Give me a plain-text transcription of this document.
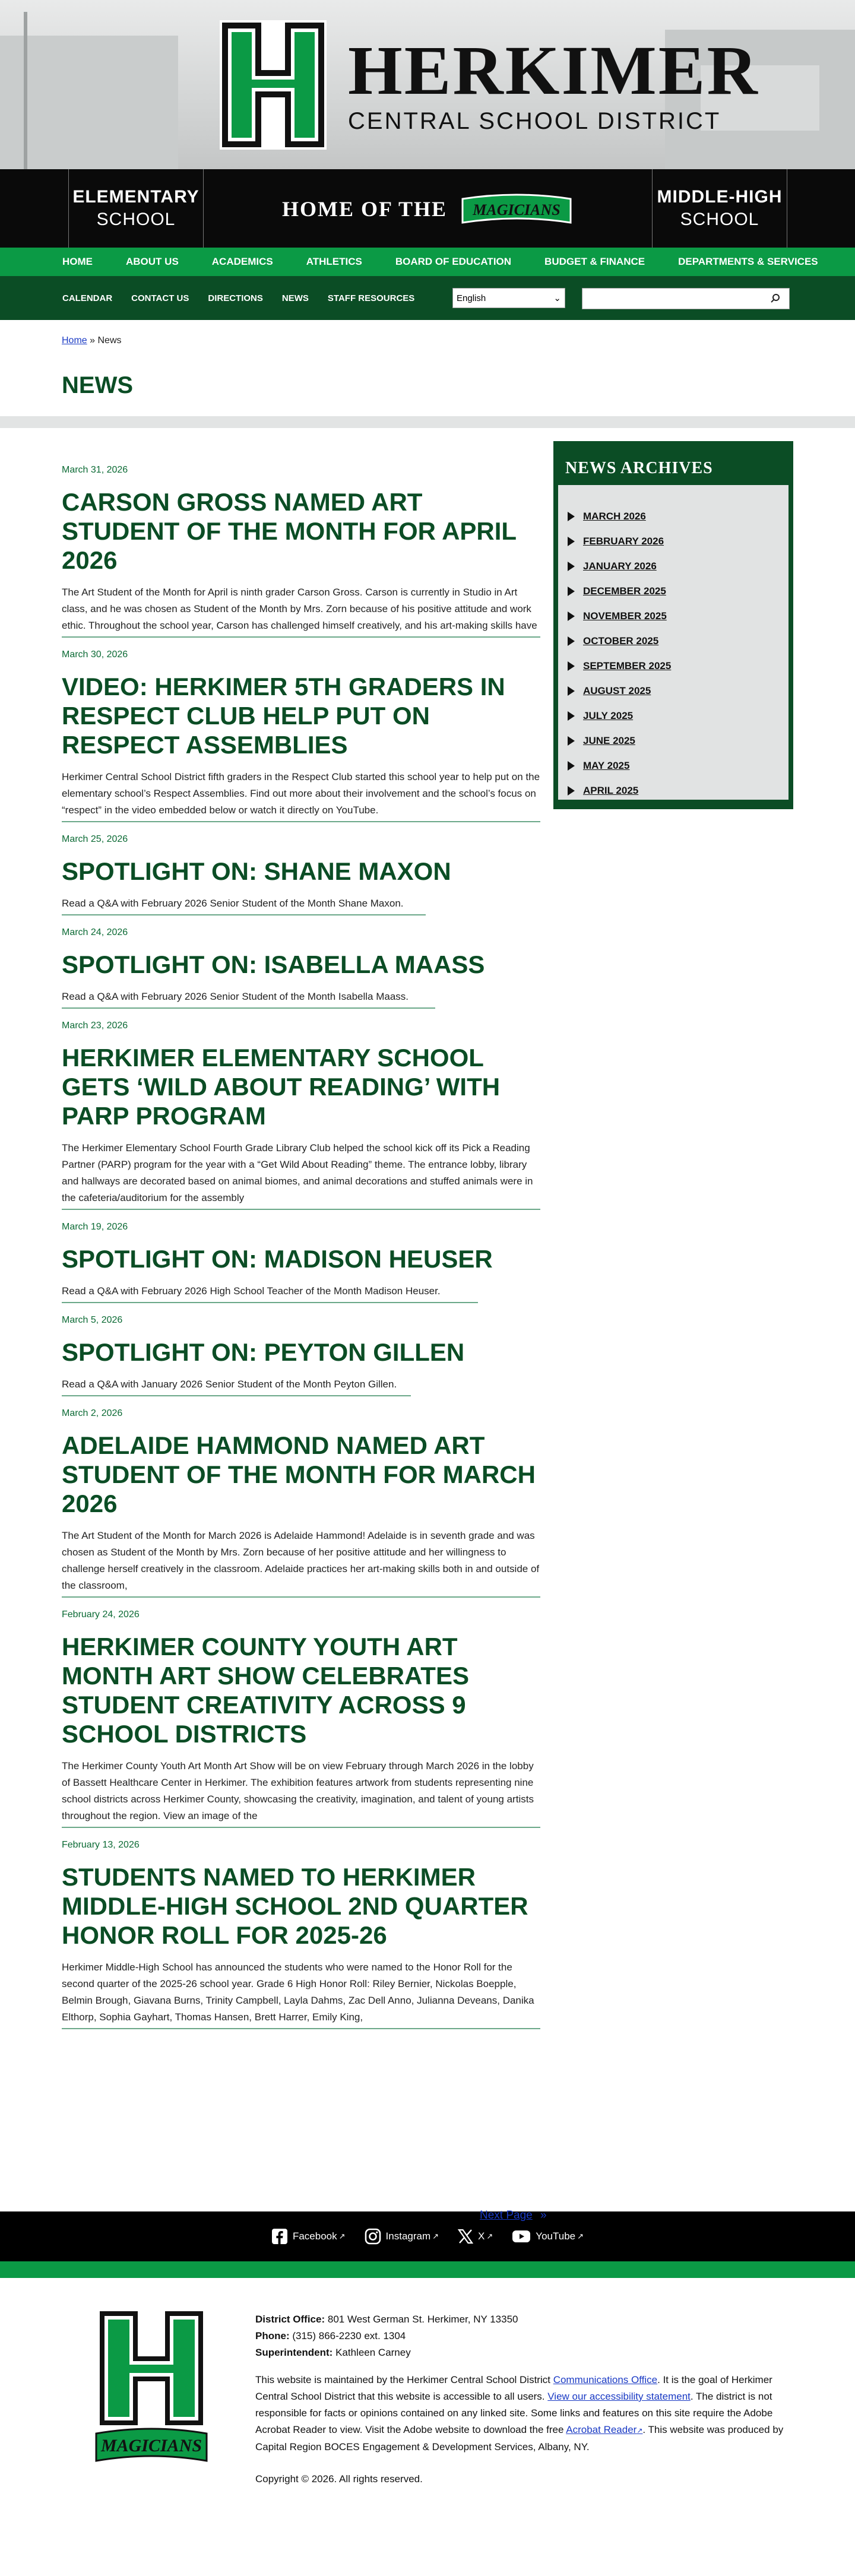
HERKIMER
CENTRAL SCHOOL DISTRICT
ELEMENTARY
SCHOOL	HOME OF THE MAGICIANS
MIDDLE-HIGH
SCHOOL
HOME	ABOUT US	ACADEMICS	ATHLETICS	BOARD OF EDUCATION	BUDGET & FINANCE	DEPARTMENTS & SERVICES
CALENDAR CONTACT US DIRECTIONS NEWS STAFF RESOURCES	English	⌄
Home » News
NEWS
March 31, 2026
CARSON GROSS NAMED ART STUDENT OF THE MONTH FOR APRIL 2026

The Art Student of the Month for April is ninth grader Carson Gross. Carson is currently in Studio in Art class, and he was chosen as Student of the Month by Mrs. Zorn because of his positive attitude and work ethic. Throughout the school year, Carson has challenged himself creatively, and his art-making skills have

March 30, 2026
VIDEO: HERKIMER 5TH GRADERS IN RESPECT CLUB HELP PUT ON RESPECT ASSEMBLIES

Herkimer Central School District fifth graders in the Respect Club started this school year to help put on the elementary school’s Respect Assemblies. Find out more about their involvement and the school’s focus on “respect” in the video embedded below or watch it directly on YouTube.

March 25, 2026
SPOTLIGHT ON: SHANE MAXON

Read a Q&A with February 2026 Senior Student of the Month Shane Maxon.

March 24, 2026
SPOTLIGHT ON: ISABELLA MAASS

Read a Q&A with February 2026 Senior Student of the Month Isabella Maass.

March 23, 2026
HERKIMER ELEMENTARY SCHOOL GETS ‘WILD ABOUT READING’ WITH PARP PROGRAM

The Herkimer Elementary School Fourth Grade Library Club helped the school kick off its Pick a Reading Partner (PARP) program for the year with a “Get Wild About Reading” theme. The entrance lobby, library and hallways are decorated based on animal biomes, and animal decorations and stuffed animals were in the cafeteria/auditorium for the assembly

March 19, 2026
SPOTLIGHT ON: MADISON HEUSER

Read a Q&A with February 2026 High School Teacher of the Month Madison Heuser.

March 5, 2026
SPOTLIGHT ON: PEYTON GILLEN

Read a Q&A with January 2026 Senior Student of the Month Peyton Gillen.

March 2, 2026
ADELAIDE HAMMOND NAMED ART STUDENT OF THE MONTH FOR MARCH 2026

The Art Student of the Month for March 2026 is Adelaide Hammond! Adelaide is in seventh grade and was chosen as Student of the Month by Mrs. Zorn because of her positive attitude and her willingness to challenge herself creatively in the classroom. Adelaide practices her art-making skills both in and outside of the classroom,

February 24, 2026
HERKIMER COUNTY YOUTH ART MONTH ART SHOW CELEBRATES STUDENT CREATIVITY ACROSS 9 SCHOOL DISTRICTS

The Herkimer County Youth Art Month Art Show will be on view February through March 2026 in the lobby of Bassett Healthcare Center in Herkimer. The exhibition features artwork from students representing nine school districts across Herkimer County, showcasing the creativity, imagination, and talent of young artists throughout the region. View an image of the

February 13, 2026
STUDENTS NAMED TO HERKIMER MIDDLE-HIGH SCHOOL 2ND QUARTER HONOR ROLL FOR 2025-26

Herkimer Middle-High School has announced the students who were named to the Honor Roll for the second quarter of the 2025-26 school year. Grade 6 High Honor Roll: Riley Bernier, Nickolas Boepple, Belmin Brough, Giavana Burns, Trinity Campbell, Layla Dahms, Zac Dell Anno, Julianna Deveans, Danika Elthorp, Sophia Gayhart, Thomas Hansen, Brett Harrer, Emily King,

NEWS ARCHIVES
MARCH 2026
FEBRUARY 2026
JANUARY 2026
DECEMBER 2025
NOVEMBER 2025
OCTOBER 2025
SEPTEMBER 2025
AUGUST 2025
JULY 2025
JUNE 2025
MAY 2025
APRIL 2025
Next Page »
Facebook ↗	Instagram ↗	X ↗	YouTube ↗
MAGICIANS

District Office: 801 West German St. Herkimer, NY 13350

Phone: (315) 866-2230 ext. 1304

Superintendent: Kathleen Carney

This website is maintained by the Herkimer Central School District Communications Office. It is the goal of Herkimer Central School District that this website is accessible to all users. View our accessibility statement. The district is not responsible for facts or opinions contained on any linked site. Some links and features on this site require the Adobe Acrobat Reader to view. Visit the Adobe website to download the free Acrobat Reader↗. This website was produced by Capital Region BOCES Engagement & Development Services, Albany, NY.

Copyright © 2026. All rights reserved.
